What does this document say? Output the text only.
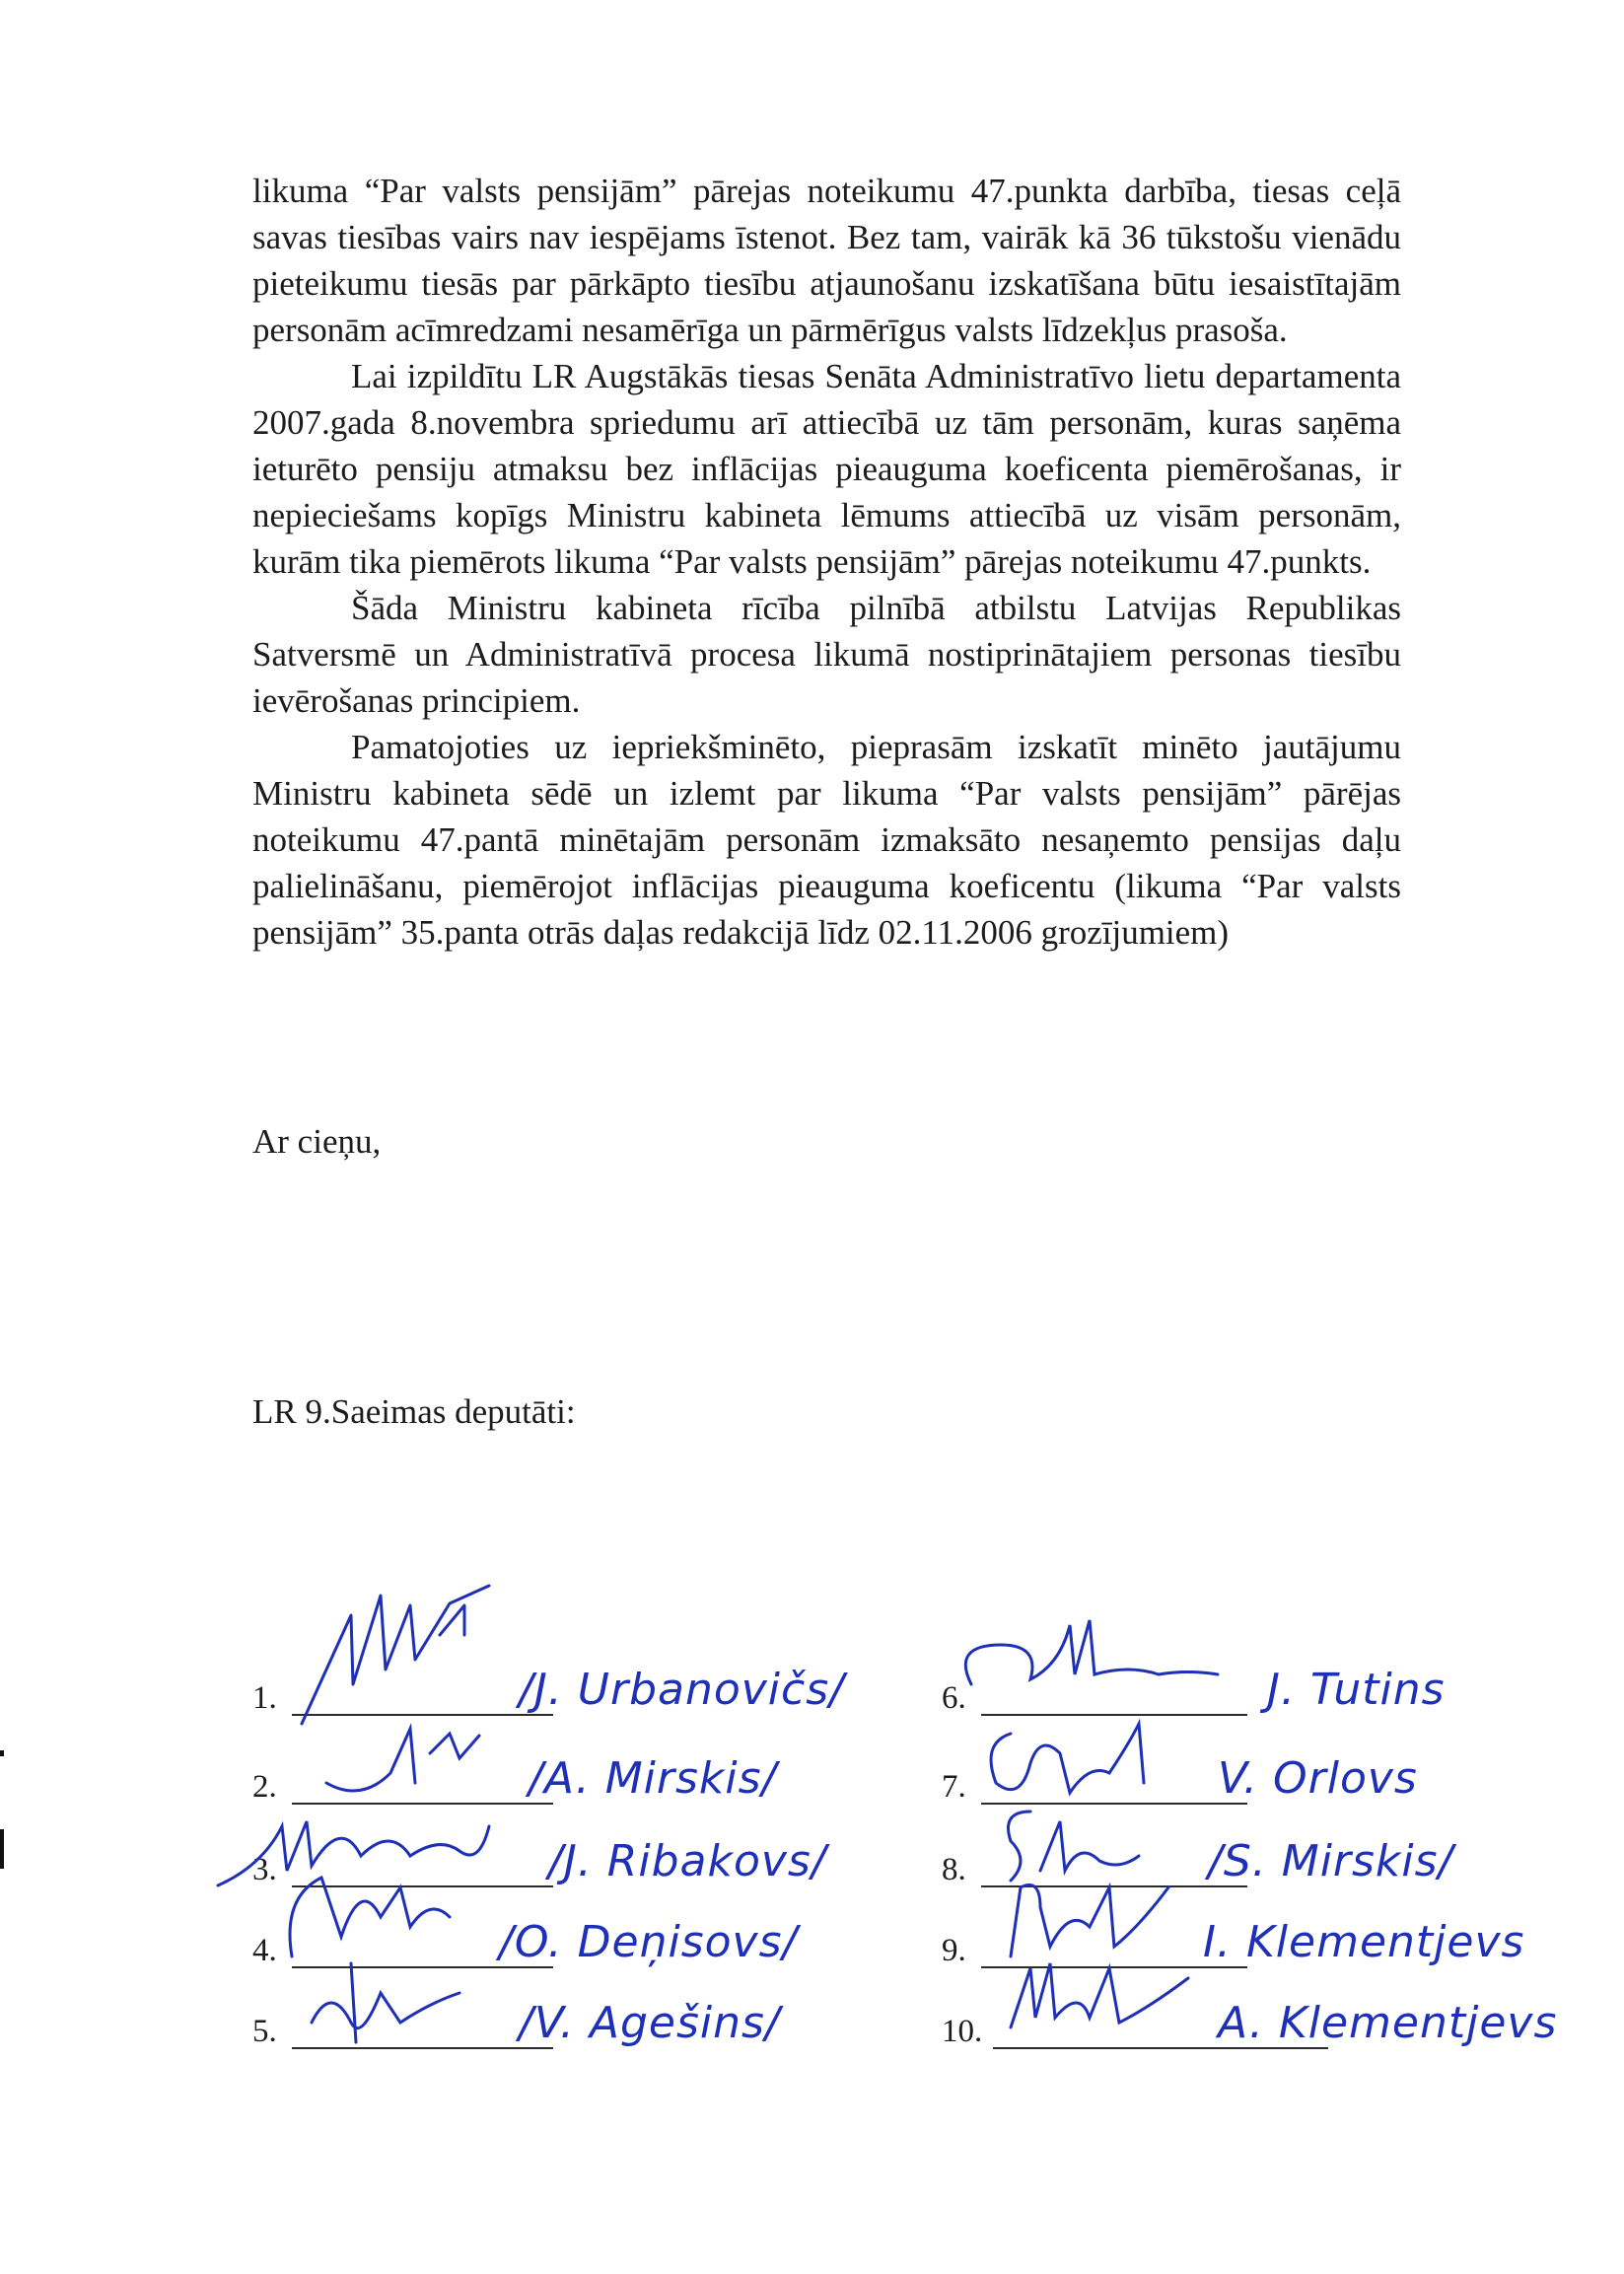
likuma “Par valsts pensijām” pārejas noteikumu 47.punkta darbība, tiesas ceļā savas tiesības vairs nav iespējams īstenot. Bez tam, vairāk kā 36 tūkstošu vienādu pieteikumu tiesās par pārkāpto tiesību atjaunošanu izskatīšana būtu iesaistītajām personām acīmredzami nesamērīga un pārmērīgus valsts līdzekļus prasoša.

Lai izpildītu LR Augstākās tiesas Senāta Administratīvo lietu departamenta 2007.gada 8.novembra spriedumu arī attiecībā uz tām personām, kuras saņēma ieturēto pensiju atmaksu bez inflācijas pieauguma koeficenta piemērošanas, ir nepieciešams kopīgs Ministru kabineta lēmums attiecībā uz visām personām, kurām tika piemērots likuma “Par valsts pensijām” pārejas noteikumu 47.punkts.

Šāda Ministru kabineta rīcība pilnībā atbilstu Latvijas Republikas Satversmē un Administratīvā procesa likumā nostiprinātajiem personas tiesību ievērošanas principiem.

Pamatojoties uz iepriekšminēto, pieprasām izskatīt minēto jautājumu Ministru kabineta sēdē un izlemt par likuma “Par valsts pensijām” pārējas noteikumu 47.pantā minētajām personām izmaksāto nesaņemto pensijas daļu palielināšanu, piemērojot inflācijas pieauguma koeficentu (likuma “Par valsts pensijām” 35.panta otrās daļas redakcijā līdz 02.11.2006 grozījumiem)

Ar cieņu,
LR 9.Saeimas deputāti:
1.	/J. Urbanovičs/
2.	/A. Mirskis/
3.	/J. Ribakovs/
4.	/O. Deņisovs/
5.	/V. Agešins/
6.	J. Tutins
7.	V. Orlovs
8.	/S. Mirskis/
9.	I. Klementjevs
10.	A. Klementjevs
